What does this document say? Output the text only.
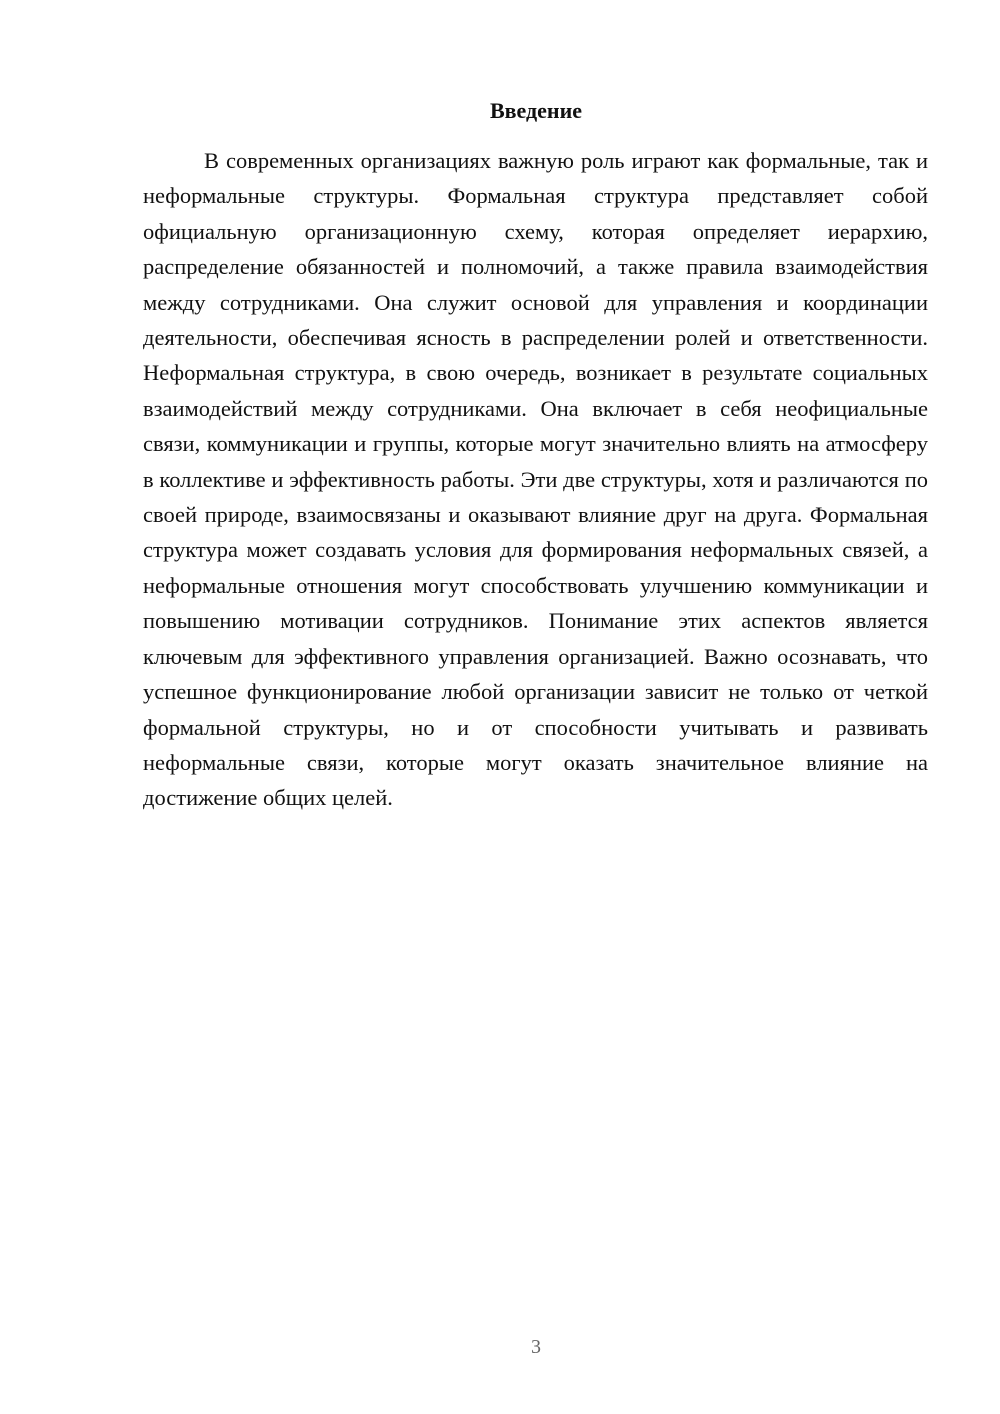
Введение

В современных организациях важную роль играют как формальные, так и неформальные структуры. Формальная структура представляет собой официальную организационную схему, которая определяет иерархию, распределение обязанностей и полномочий, а также правила взаимодействия между сотрудниками. Она служит основой для управления и координации деятельности, обеспечивая ясность в распределении ролей и ответственности. Неформальная структура, в свою очередь, возникает в результате социальных взаимодействий между сотрудниками. Она включает в себя неофициальные связи, коммуникации и группы, которые могут значительно влиять на атмосферу в коллективе и эффективность работы. Эти две структуры, хотя и различаются по своей природе, взаимосвязаны и оказывают влияние друг на друга. Формальная структура может создавать условия для формирования неформальных связей, а неформальные отношения могут способствовать улучшению коммуникации и повышению мотивации сотрудников. Понимание этих аспектов является ключевым для эффективного управления организацией. Важно осознавать, что успешное функционирование любой организации зависит не только от четкой формальной структуры, но и от способности учитывать и развивать неформальные связи, которые могут оказать значительное влияние на достижение общих целей.

3
